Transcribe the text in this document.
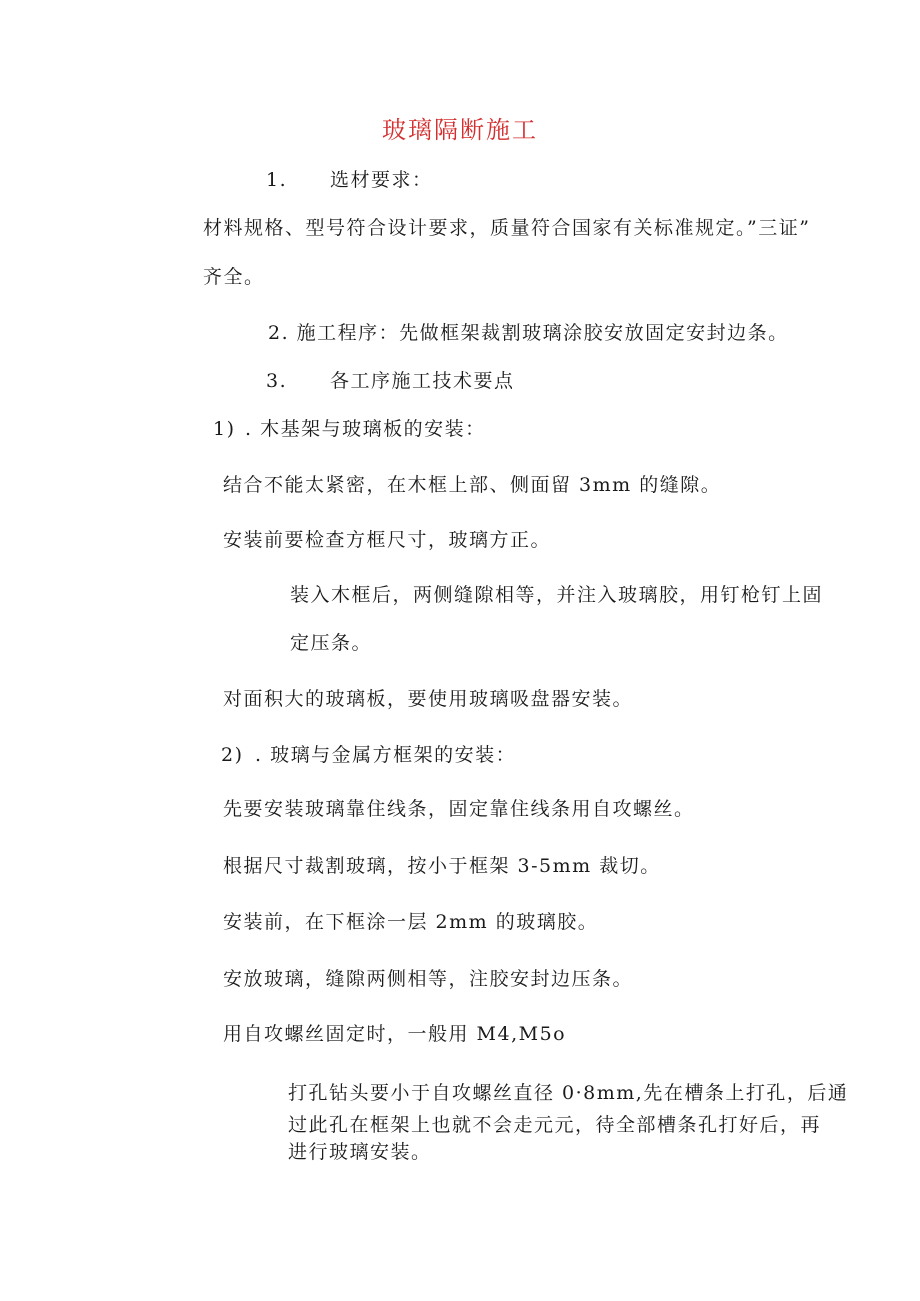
玻璃隔断施工
1. 选材要求：
材料规格、型号符合设计要求，质量符合国家有关标准规定。”三证”
齐全。
2. 施工程序：先做框架裁割玻璃涂胶安放固定安封边条。
3. 各工序施工技术要点
1) . 木基架与玻璃板的安装：
结合不能太紧密，在木框上部、侧面留 3mm 的缝隙。
安装前要检查方框尺寸，玻璃方正。
装入木框后，两侧缝隙相等，并注入玻璃胶，用钉枪钉上固
定压条。
对面积大的玻璃板，要使用玻璃吸盘器安装。
2) . 玻璃与金属方框架的安装：
先要安装玻璃靠住线条，固定靠住线条用自攻螺丝。
根据尺寸裁割玻璃，按小于框架 3-5mm 裁切。
安装前，在下框涂一层 2mm 的玻璃胶。
安放玻璃，缝隙两侧相等，注胶安封边压条。
用自攻螺丝固定时，一般用 M4,M5o
打孔钻头要小于自攻螺丝直径 0·8mm,先在槽条上打孔，后通
过此孔在框架上也就不会走元元，待全部槽条孔打好后，再
进行玻璃安装。
